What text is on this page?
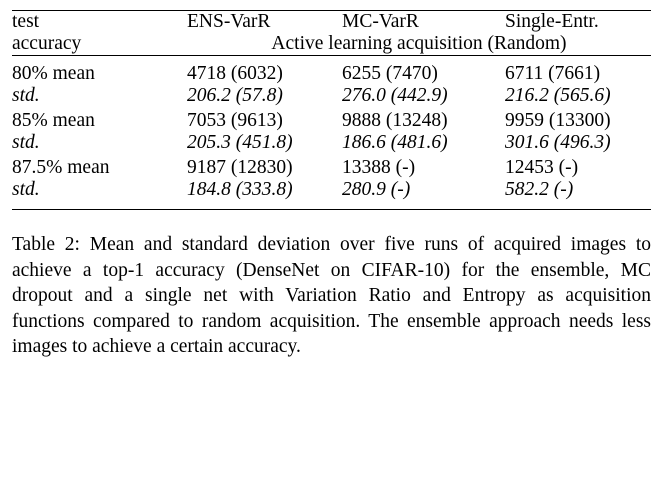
test	ENS-VarR	MC-VarR	Single-Entr.
accuracy	Active learning acquisition (Random)		
80% mean	4718 (6032)	6255 (7470)	6711 (7661)
std.	206.2 (57.8)	276.0 (442.9)	216.2 (565.6)
85% mean	7053 (9613)	9888 (13248)	9959 (13300)
std.	205.3 (451.8)	186.6 (481.6)	301.6 (496.3)
87.5% mean	9187 (12830)	13388 (-)	12453 (-)
std.	184.8 (333.8)	280.9 (-)	582.2 (-)

Table 2: Mean and standard deviation over five runs of acquired images to achieve a top-1 accuracy (DenseNet on CIFAR-10) for the ensemble, MC dropout and a single net with Variation Ratio and Entropy as acquisition functions compared to random acquisition. The ensemble approach needs less images to achieve a certain accuracy.
